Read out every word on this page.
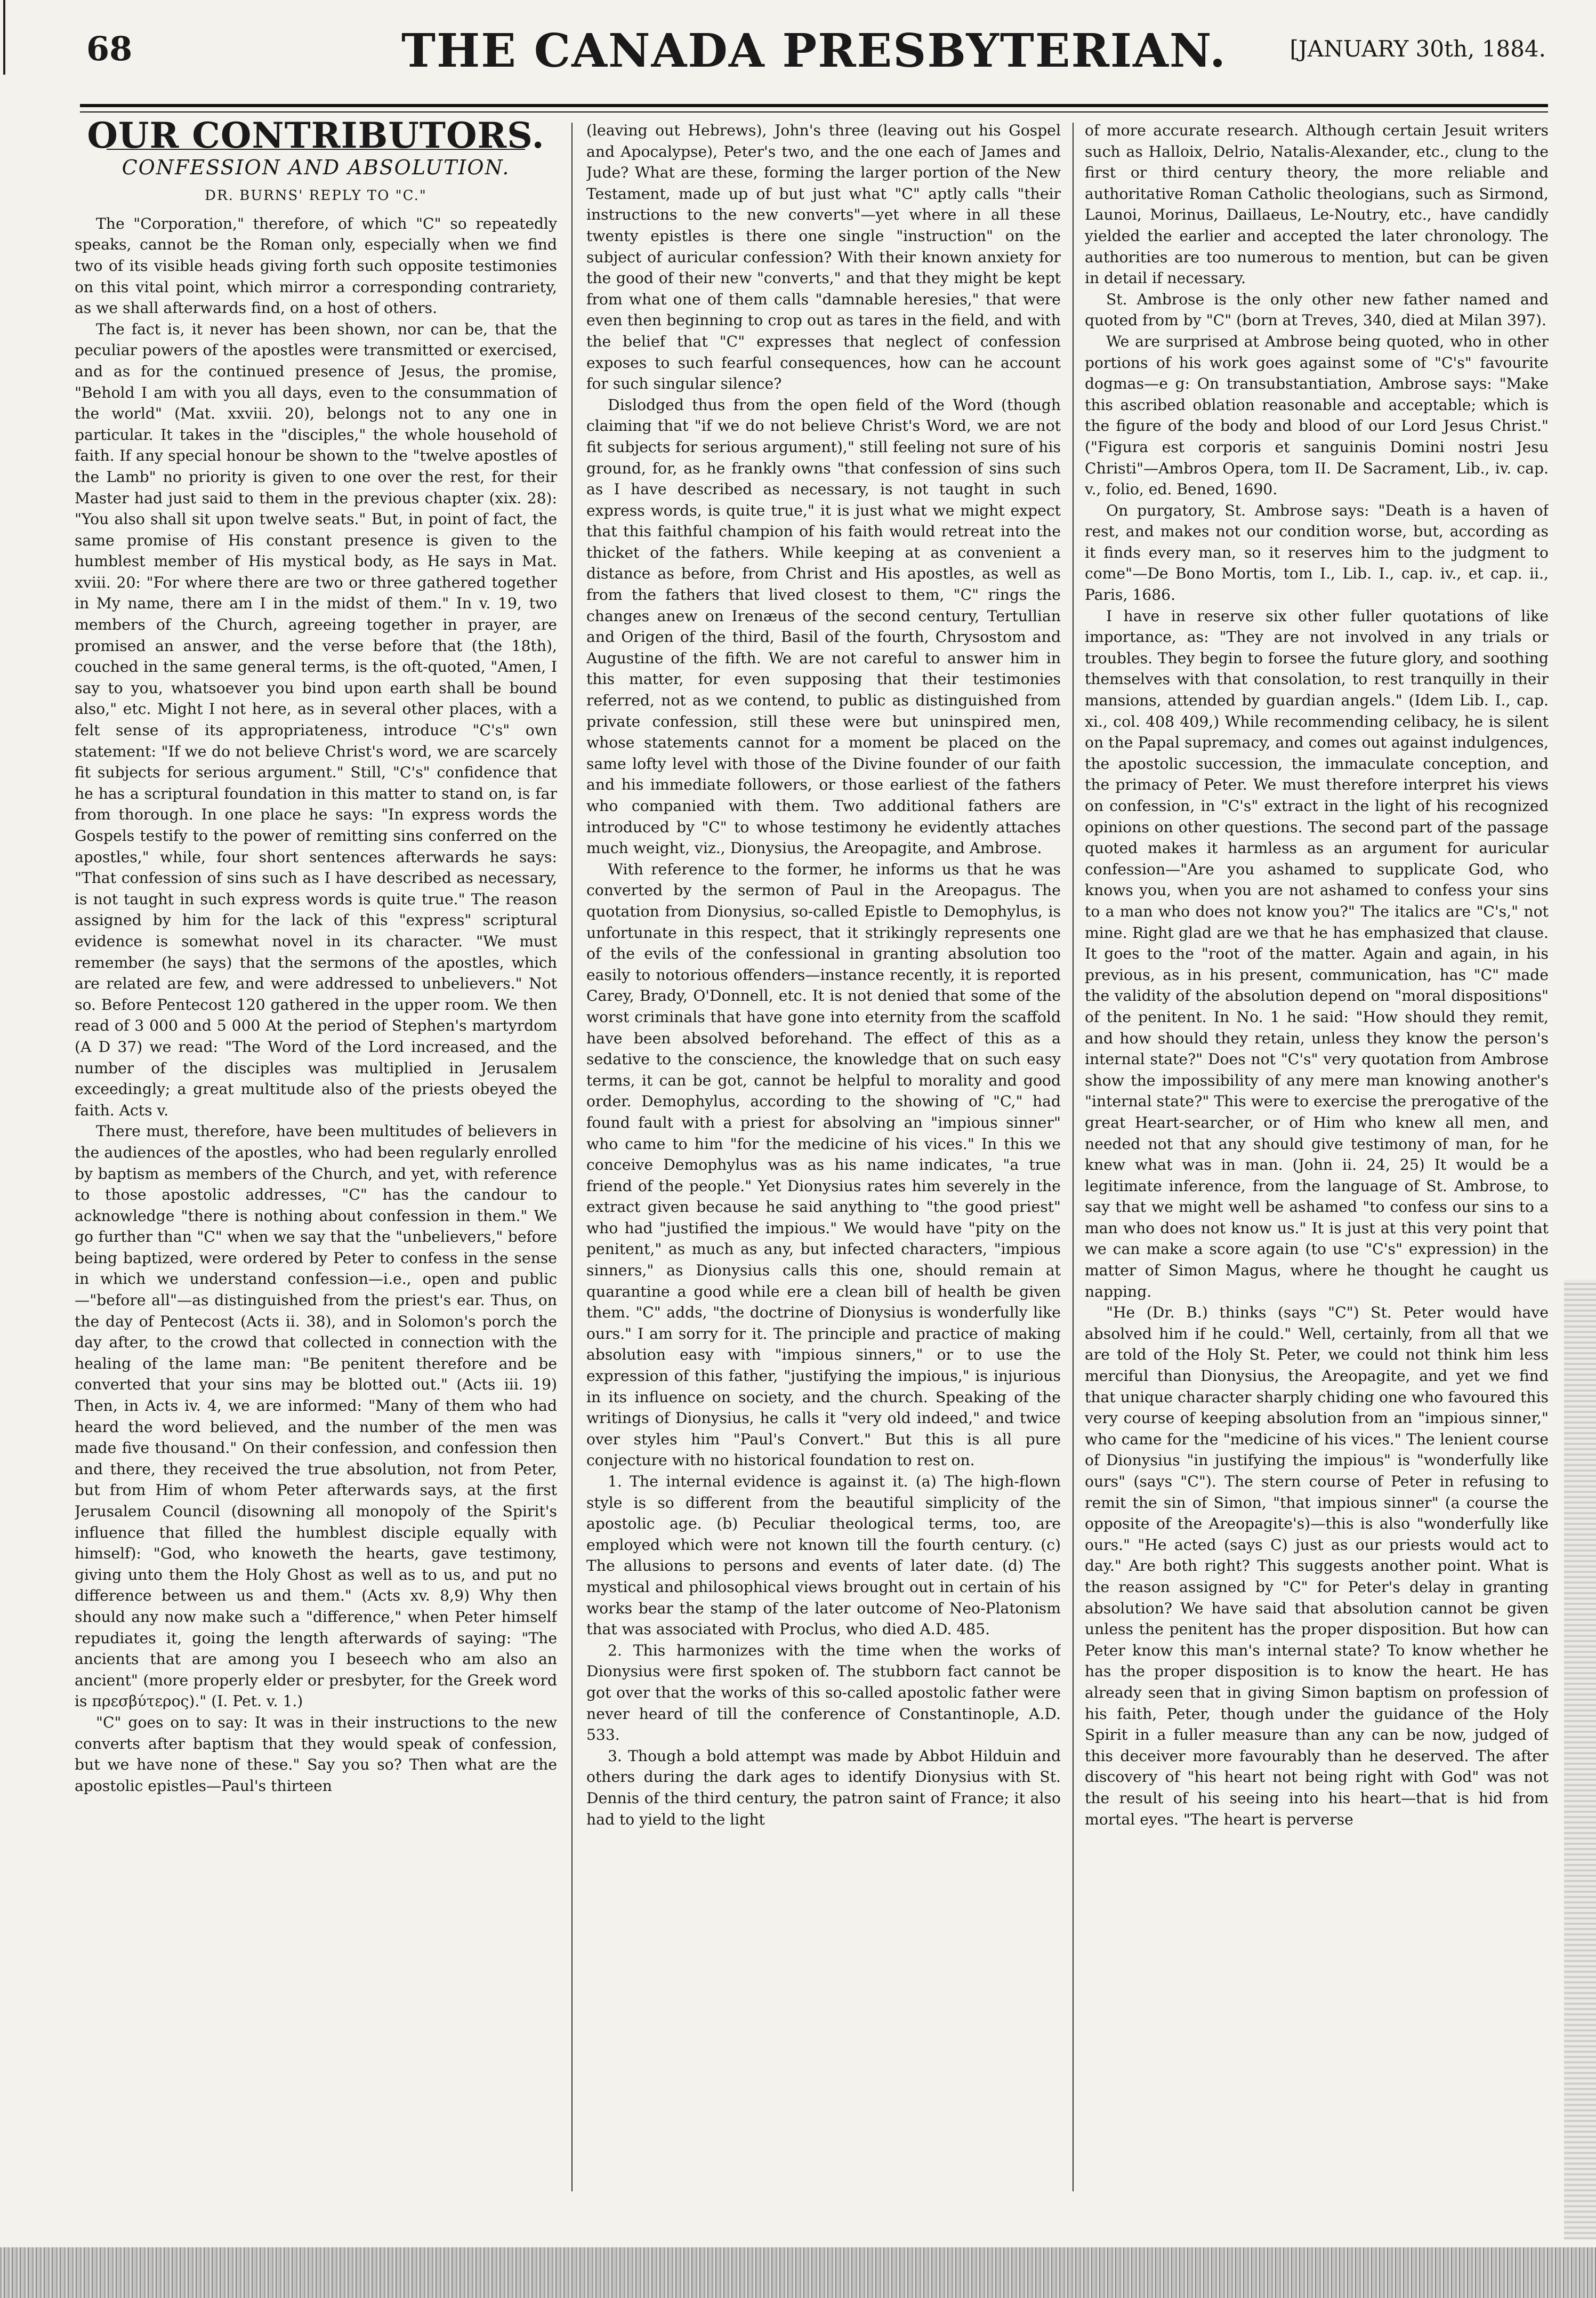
68	THE CANADA PRESBYTERIAN.	[JANUARY 30th, 1884.
OUR CONTRIBUTORS.
CONFESSION AND ABSOLUTION.
DR. BURNS' REPLY TO "C."

The "Corporation," therefore, of which "C" so repeatedly speaks, cannot be the Roman only, especially when we find two of its visible heads giving forth such opposite testimonies on this vital point, which mirror a corresponding contrariety, as we shall afterwards find, on a host of others.

The fact is, it never has been shown, nor can be, that the peculiar powers of the apostles were transmitted or exercised, and as for the continued presence of Jesus, the promise, "Behold I am with you all days, even to the consummation of the world" (Mat. xxviii. 20), belongs not to any one in particular. It takes in the "disciples," the whole household of faith. If any special honour be shown to the "twelve apostles of the Lamb" no priority is given to one over the rest, for their Master had just said to them in the previous chapter (xix. 28): "You also shall sit upon twelve seats." But, in point of fact, the same promise of His constant presence is given to the humblest member of His mystical body, as He says in Mat. xviii. 20: "For where there are two or three gathered together in My name, there am I in the midst of them." In v. 19, two members of the Church, agreeing together in prayer, are promised an answer, and the verse before that (the 18th), couched in the same general terms, is the oft-quoted, "Amen, I say to you, whatsoever you bind upon earth shall be bound also," etc. Might I not here, as in several other places, with a felt sense of its appropriateness, introduce "C's" own statement: "If we do not believe Christ's word, we are scarcely fit subjects for serious argument." Still, "C's" confidence that he has a scriptural foundation in this matter to stand on, is far from thorough. In one place he says: "In express words the Gospels testify to the power of remitting sins conferred on the apostles," while, four short sentences afterwards he says: "That confession of sins such as I have described as necessary, is not taught in such express words is quite true." The reason assigned by him for the lack of this "express" scriptural evidence is somewhat novel in its character. "We must remember (he says) that the sermons of the apostles, which are related are few, and were addressed to unbelievers." Not so. Before Pentecost 120 gathered in the upper room. We then read of 3 000 and 5 000 At the period of Stephen's martyrdom (A D 37) we read: "The Word of the Lord increased, and the number of the disciples was multiplied in Jerusalem exceedingly; a great multitude also of the priests obeyed the faith. Acts v.

There must, therefore, have been multitudes of believers in the audiences of the apostles, who had been regularly enrolled by baptism as members of the Church, and yet, with reference to those apostolic addresses, "C" has the candour to acknowledge "there is nothing about confession in them." We go further than "C" when we say that the "unbelievers," before being baptized, were ordered by Peter to confess in the sense in which we understand confession—i.e., open and public—"before all"—as distinguished from the priest's ear. Thus, on the day of Pentecost (Acts ii. 38), and in Solomon's porch the day after, to the crowd that collected in connection with the healing of the lame man: "Be penitent therefore and be converted that your sins may be blotted out." (Acts iii. 19) Then, in Acts iv. 4, we are informed: "Many of them who had heard the word believed, and the number of the men was made five thousand." On their confession, and confession then and there, they received the true absolution, not from Peter, but from Him of whom Peter afterwards says, at the first Jerusalem Council (disowning all monopoly of the Spirit's influence that filled the humblest disciple equally with himself): "God, who knoweth the hearts, gave testimony, giving unto them the Holy Ghost as well as to us, and put no difference between us and them." (Acts xv. 8,9) Why then should any now make such a "difference," when Peter himself repudiates it, going the length afterwards of saying: "The ancients that are among you I beseech who am also an ancient" (more properly elder or presbyter, for the Greek word is πρεσβύτερος)." (I. Pet. v. 1.)

"C" goes on to say: It was in their instructions to the new converts after baptism that they would speak of confession, but we have none of these." Say you so? Then what are the apostolic epistles—Paul's thirteen

(leaving out Hebrews), John's three (leaving out his Gospel and Apocalypse), Peter's two, and the one each of James and Jude? What are these, forming the larger portion of the New Testament, made up of but just what "C" aptly calls "their instructions to the new converts"—yet where in all these twenty epistles is there one single "instruction" on the subject of auricular confession? With their known anxiety for the good of their new "converts," and that they might be kept from what one of them calls "damnable heresies," that were even then beginning to crop out as tares in the field, and with the belief that "C" expresses that neglect of confession exposes to such fearful consequences, how can he account for such singular silence?

Dislodged thus from the open field of the Word (though claiming that "if we do not believe Christ's Word, we are not fit subjects for serious argument)," still feeling not sure of his ground, for, as he frankly owns "that confession of sins such as I have described as necessary, is not taught in such express words, is quite true," it is just what we might expect that this faithful champion of his faith would retreat into the thicket of the fathers. While keeping at as convenient a distance as before, from Christ and His apostles, as well as from the fathers that lived closest to them, "C" rings the changes anew on Irenæus of the second century, Tertullian and Origen of the third, Basil of the fourth, Chrysostom and Augustine of the fifth. We are not careful to answer him in this matter, for even supposing that their testimonies referred, not as we contend, to public as distinguished from private confession, still these were but uninspired men, whose statements cannot for a moment be placed on the same lofty level with those of the Divine founder of our faith and his immediate followers, or those earliest of the fathers who companied with them. Two additional fathers are introduced by "C" to whose testimony he evidently attaches much weight, viz., Dionysius, the Areopagite, and Ambrose.

With reference to the former, he informs us that he was converted by the sermon of Paul in the Areopagus. The quotation from Dionysius, so-called Epistle to Demophylus, is unfortunate in this respect, that it strikingly represents one of the evils of the confessional in granting absolution too easily to notorious offenders—instance recently, it is reported Carey, Brady, O'Donnell, etc. It is not denied that some of the worst criminals that have gone into eternity from the scaffold have been absolved beforehand. The effect of this as a sedative to the conscience, the knowledge that on such easy terms, it can be got, cannot be helpful to morality and good order. Demophylus, according to the showing of "C," had found fault with a priest for absolving an "impious sinner" who came to him "for the medicine of his vices." In this we conceive Demophylus was as his name indicates, "a true friend of the people." Yet Dionysius rates him severely in the extract given because he said anything to "the good priest" who had "justified the impious." We would have "pity on the penitent," as much as any, but infected characters, "impious sinners," as Dionysius calls this one, should remain at quarantine a good while ere a clean bill of health be given them. "C" adds, "the doctrine of Dionysius is wonderfully like ours." I am sorry for it. The principle and practice of making absolution easy with "impious sinners," or to use the expression of this father, "justifying the impious," is injurious in its influence on society, and the church. Speaking of the writings of Dionysius, he calls it "very old indeed," and twice over styles him "Paul's Convert." But this is all pure conjecture with no historical foundation to rest on.

1. The internal evidence is against it. (a) The high-flown style is so different from the beautiful simplicity of the apostolic age. (b) Peculiar theological terms, too, are employed which were not known till the fourth century. (c) The allusions to persons and events of later date. (d) The mystical and philosophical views brought out in certain of his works bear the stamp of the later outcome of Neo-Platonism that was associated with Proclus, who died A.D. 485.

2. This harmonizes with the time when the works of Dionysius were first spoken of. The stubborn fact cannot be got over that the works of this so-called apostolic father were never heard of till the conference of Constantinople, A.D. 533.

3. Though a bold attempt was made by Abbot Hilduin and others during the dark ages to identify Dionysius with St. Dennis of the third century, the patron saint of France; it also had to yield to the light

of more accurate research. Although certain Jesuit writers such as Halloix, Delrio, Natalis-Alexander, etc., clung to the first or third century theory, the more reliable and authoritative Roman Catholic theologians, such as Sirmond, Launoi, Morinus, Daillaeus, Le-Noutry, etc., have candidly yielded the earlier and accepted the later chronology. The authorities are too numerous to mention, but can be given in detail if necessary.

St. Ambrose is the only other new father named and quoted from by "C" (born at Treves, 340, died at Milan 397).

We are surprised at Ambrose being quoted, who in other portions of his work goes against some of "C's" favourite dogmas—e g: On transubstantiation, Ambrose says: "Make this ascribed oblation reasonable and acceptable; which is the figure of the body and blood of our Lord Jesus Christ." ("Figura est corporis et sanguinis Domini nostri Jesu Christi"—Ambros Opera, tom II. De Sacrament, Lib., iv. cap. v., folio, ed. Bened, 1690.

On purgatory, St. Ambrose says: "Death is a haven of rest, and makes not our condition worse, but, according as it finds every man, so it reserves him to the judgment to come"—De Bono Mortis, tom I., Lib. I., cap. iv., et cap. ii., Paris, 1686.

I have in reserve six other fuller quotations of like importance, as: "They are not involved in any trials or troubles. They begin to forsee the future glory, and soothing themselves with that consolation, to rest tranquilly in their mansions, attended by guardian angels." (Idem Lib. I., cap. xi., col. 408 409,) While recommending celibacy, he is silent on the Papal supremacy, and comes out against indulgences, the apostolic succession, the immaculate conception, and the primacy of Peter. We must therefore interpret his views on confession, in "C's" extract in the light of his recognized opinions on other questions. The second part of the passage quoted makes it harmless as an argument for auricular confession—"Are you ashamed to supplicate God, who knows you, when you are not ashamed to confess your sins to a man who does not know you?" The italics are "C's," not mine. Right glad are we that he has emphasized that clause. It goes to the "root of the matter. Again and again, in his previous, as in his present, communication, has "C" made the validity of the absolution depend on "moral dispositions" of the penitent. In No. 1 he said: "How should they remit, and how should they retain, unless they know the person's internal state?" Does not "C's" very quotation from Ambrose show the impossibility of any mere man knowing another's "internal state?" This were to exercise the prerogative of the great Heart-searcher, or of Him who knew all men, and needed not that any should give testimony of man, for he knew what was in man. (John ii. 24, 25) It would be a legitimate inference, from the language of St. Ambrose, to say that we might well be ashamed "to confess our sins to a man who does not know us." It is just at this very point that we can make a score again (to use "C's" expression) in the matter of Simon Magus, where he thought he caught us napping.

"He (Dr. B.) thinks (says "C") St. Peter would have absolved him if he could." Well, certainly, from all that we are told of the Holy St. Peter, we could not think him less merciful than Dionysius, the Areopagite, and yet we find that unique character sharply chiding one who favoured this very course of keeping absolution from an "impious sinner," who came for the "medicine of his vices." The lenient course of Dionysius "in justifying the impious" is "wonderfully like ours" (says "C"). The stern course of Peter in refusing to remit the sin of Simon, "that impious sinner" (a course the opposite of the Areopagite's)—this is also "wonderfully like ours." "He acted (says C) just as our priests would act to day." Are both right? This suggests another point. What is the reason assigned by "C" for Peter's delay in granting absolution? We have said that absolution cannot be given unless the penitent has the proper disposition. But how can Peter know this man's internal state? To know whether he has the proper disposition is to know the heart. He has already seen that in giving Simon baptism on profession of his faith, Peter, though under the guidance of the Holy Spirit in a fuller measure than any can be now, judged of this deceiver more favourably than he deserved. The after discovery of "his heart not being right with God" was not the result of his seeing into his heart—that is hid from mortal eyes. "The heart is perverse
